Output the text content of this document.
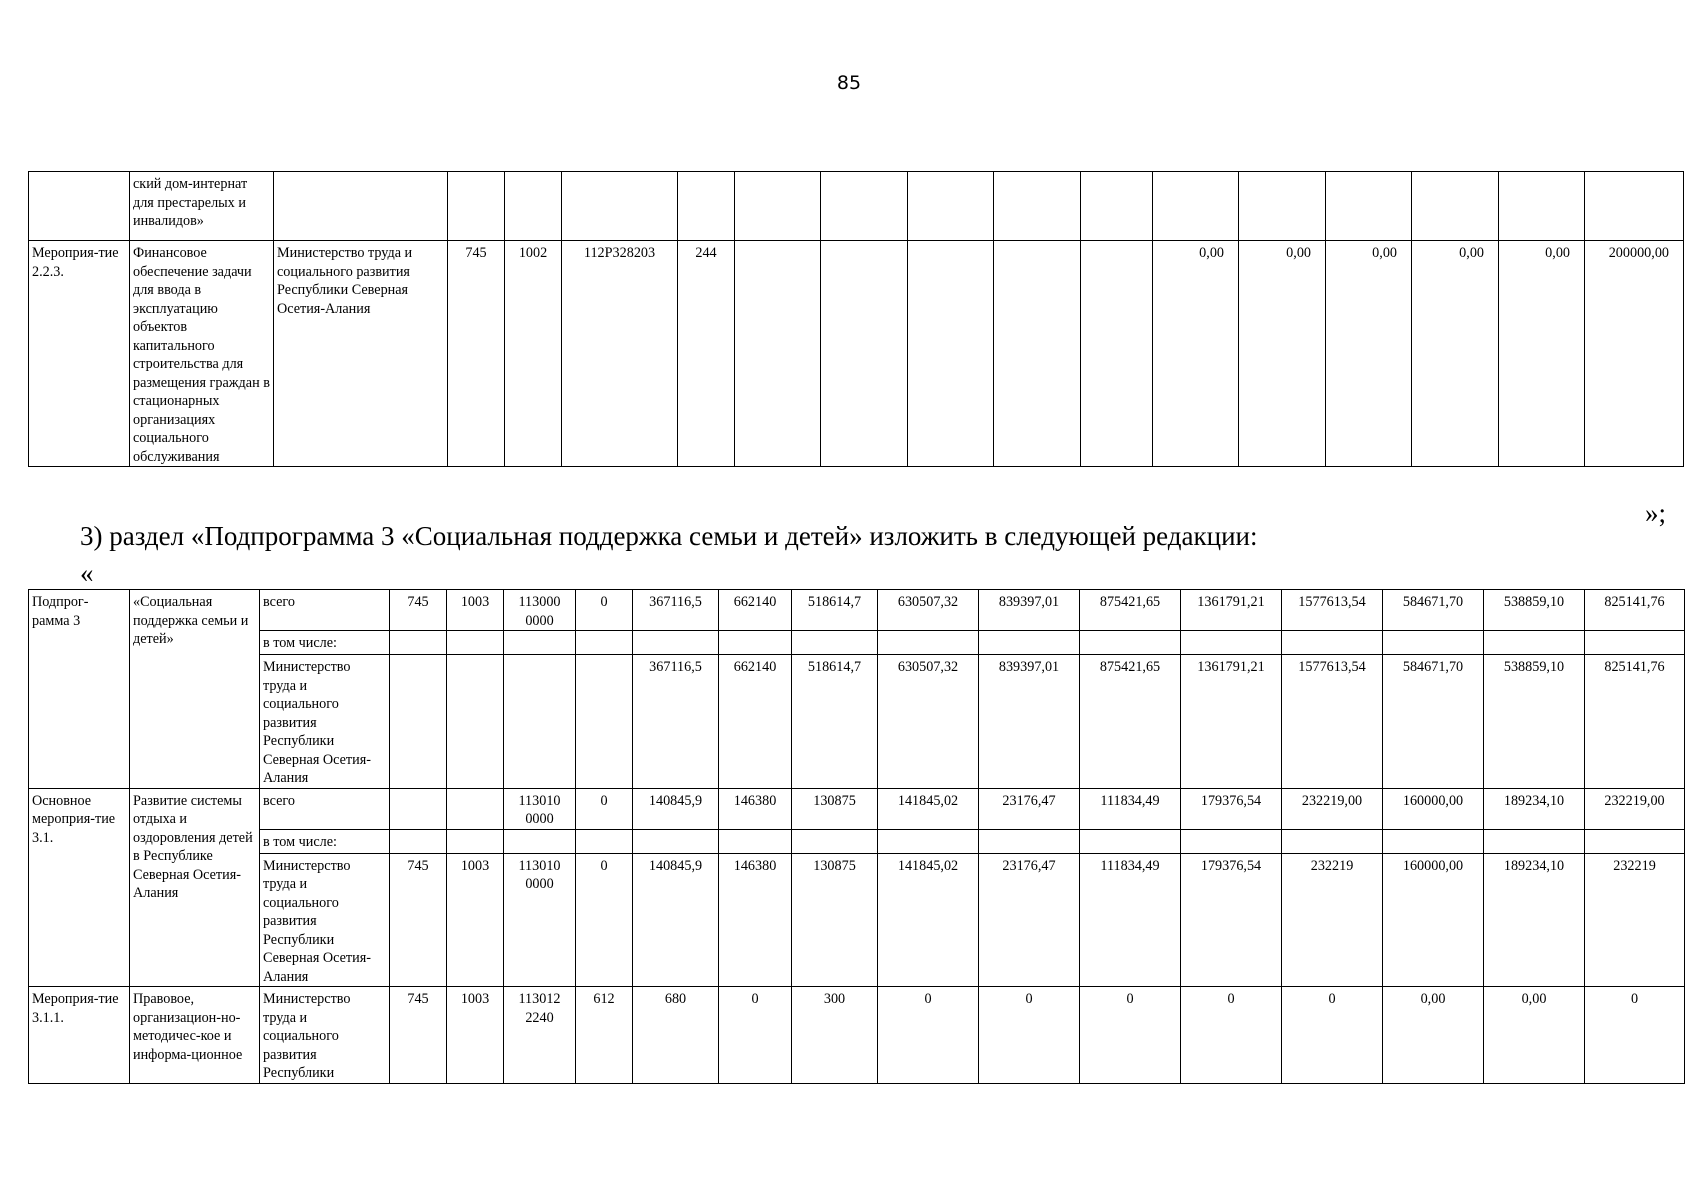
85
	ский дом-интернат для престарелых и инвалидов»																	
Мероприя-тие 2.2.3.	Финансовое обеспечение задачи для ввода в эксплуатацию объектов капитального строительства для размещения граждан в стационарных организациях социального обслуживания	Министерство труда и социального развития Республики Северная Осетия-Алания	745	1002	112Р328203	244						0,00	0,00	0,00	0,00	0,00	200000,00	
»;
3) раздел «Подпрограмма 3 «Социальная поддержка семьи и детей» изложить в следующей редакции:
«
Подпрог-рамма 3	«Социальная поддержка семьи и детей»	всего	745	1003	113000 0000	0	367116,5	662140	518614,7	630507,32	839397,01	875421,65	1361791,21	1577613,54	584671,70	538859,10	825141,76
		в том числе:															
		Министерство труда и социального развития Республики Северная Осетия-Алания					367116,5	662140	518614,7	630507,32	839397,01	875421,65	1361791,21	1577613,54	584671,70	538859,10	825141,76
Основное мероприя-тие 3.1.	Развитие системы отдыха и оздоровления детей в Республике Северная Осетия-Алания	всего			113010 0000	0	140845,9	146380	130875	141845,02	23176,47	111834,49	179376,54	232219,00	160000,00	189234,10	232219,00
		в том числе:															
		Министерство труда и социального развития Республики Северная Осетия-Алания	745	1003	113010 0000	0	140845,9	146380	130875	141845,02	23176,47	111834,49	179376,54	232219	160000,00	189234,10	232219
Мероприя-тие 3.1.1.	Правовое, организацион-но-методичес-кое и информа-ционное	Министерство труда и социального развития Республики	745	1003	113012 2240	612	680	0	300	0	0	0	0	0	0,00	0,00	0
